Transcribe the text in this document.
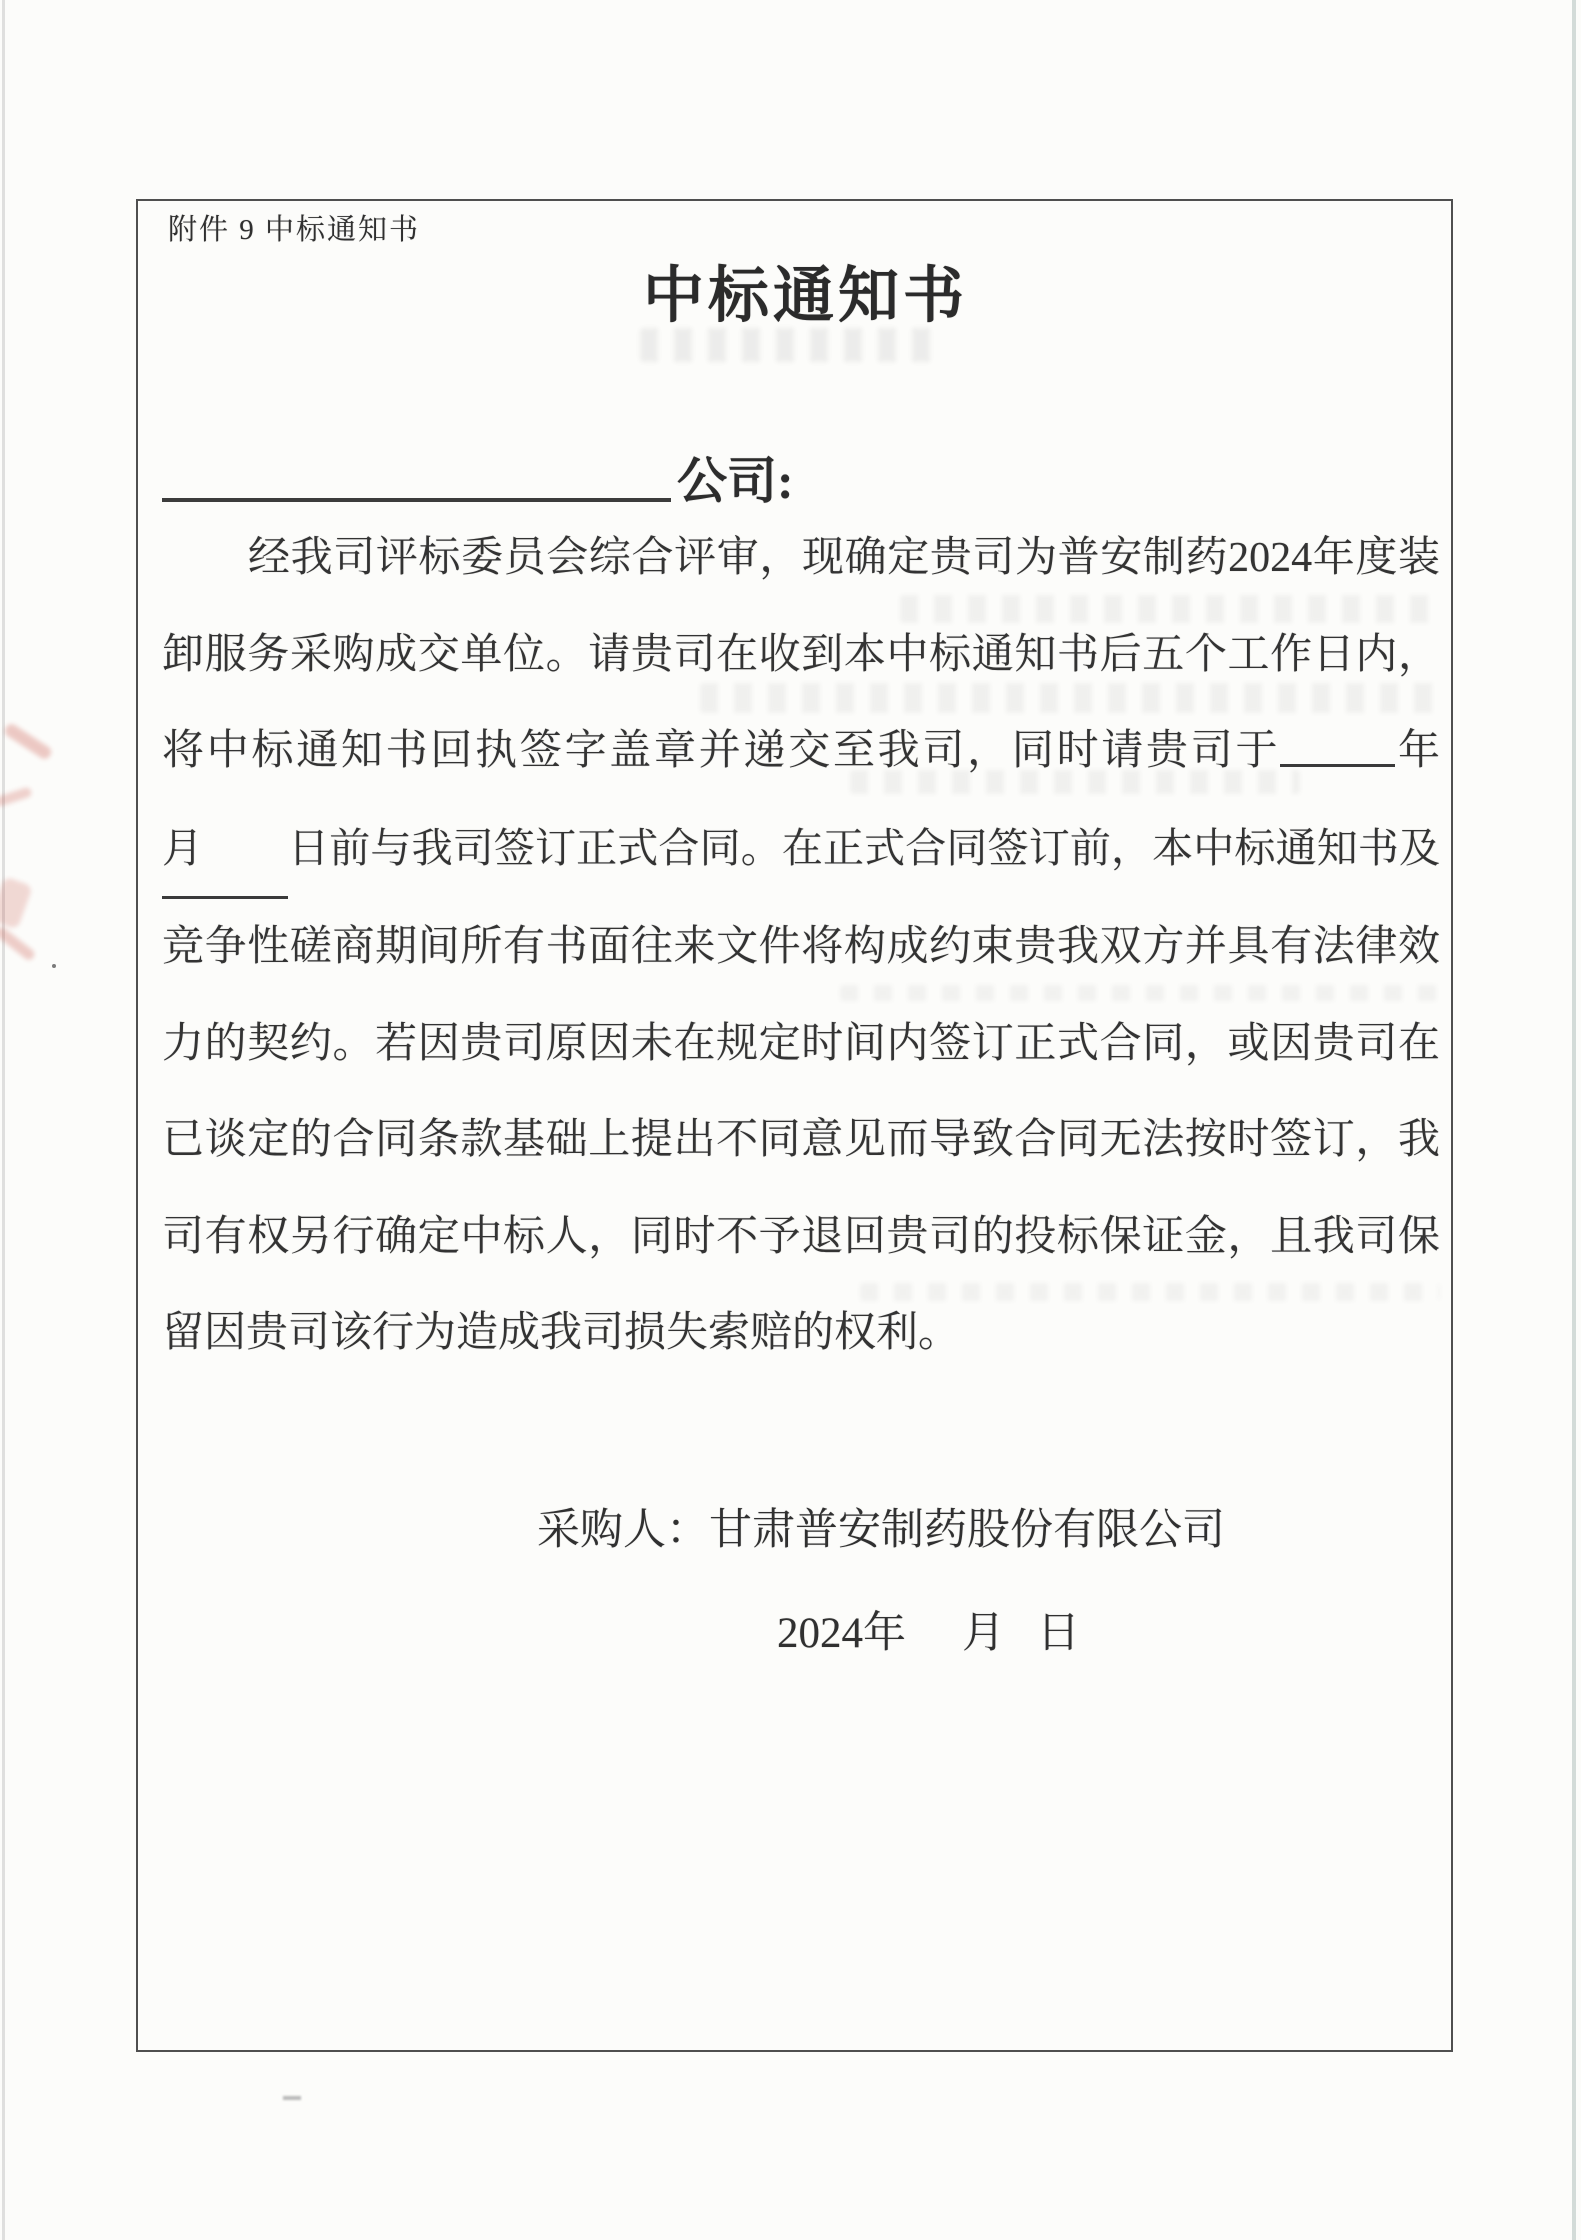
附件 9 中标通知书
中标通知书
公司:
经我司评标委员会综合评审，现确定贵司为普安制药2024年度装
卸服务采购成交单位。请贵司在收到本中标通知书后五个工作日内，
将中标通知书回执签字盖章并递交至我司，同时请贵司于	年
月 日前与我司签订正式合同。在正式合同签订前，本中标通知书及
竞争性磋商期间所有书面往来文件将构成约束贵我双方并具有法律效
力的契约。若因贵司原因未在规定时间内签订正式合同，或因贵司在
已谈定的合同条款基础上提出不同意见而导致合同无法按时签订，我
司有权另行确定中标人，同时不予退回贵司的投标保证金，且我司保
留因贵司该行为造成我司损失索赔的权利。
采购人：甘肃普安制药股份有限公司
2024年 月 日
